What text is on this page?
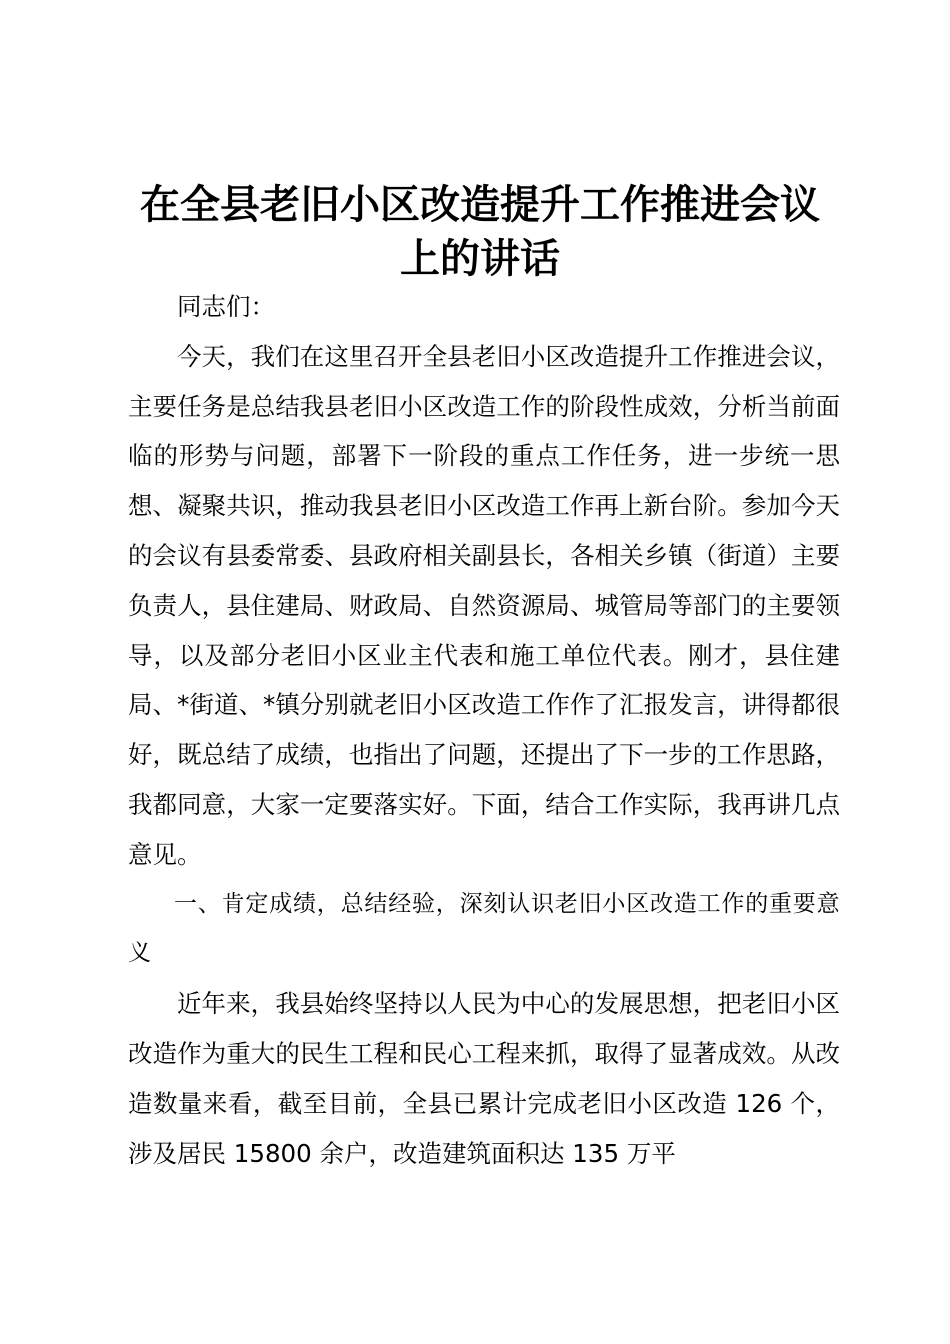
在全县老旧小区改造提升工作推进会议
上的讲话

同志们：

今天，我们在这里召开全县老旧小区改造提升工作推进会议，主要任务是总结我县老旧小区改造工作的阶段性成效，分析当前面临的形势与问题，部署下一阶段的重点工作任务，进一步统一思想、凝聚共识，推动我县老旧小区改造工作再上新台阶。参加今天的会议有县委常委、县政府相关副县长，各相关乡镇（街道）主要负责人，县住建局、财政局、自然资源局、城管局等部门的主要领导，以及部分老旧小区业主代表和施工单位代表。刚才，县住建局、*街道、*镇分别就老旧小区改造工作作了汇报发言，讲得都很好，既总结了成绩，也指出了问题，还提出了下一步的工作思路，我都同意，大家一定要落实好。下面，结合工作实际，我再讲几点意见。

一、肯定成绩，总结经验，深刻认识老旧小区改造工作的重要意义

近年来，我县始终坚持以人民为中心的发展思想，把老旧小区改造作为重大的民生工程和民心工程来抓，取得了显著成效。从改造数量来看，截至目前，全县已累计完成老旧小区改造 126 个，涉及居民 15800 余户，改造建筑面积达 135 万平
